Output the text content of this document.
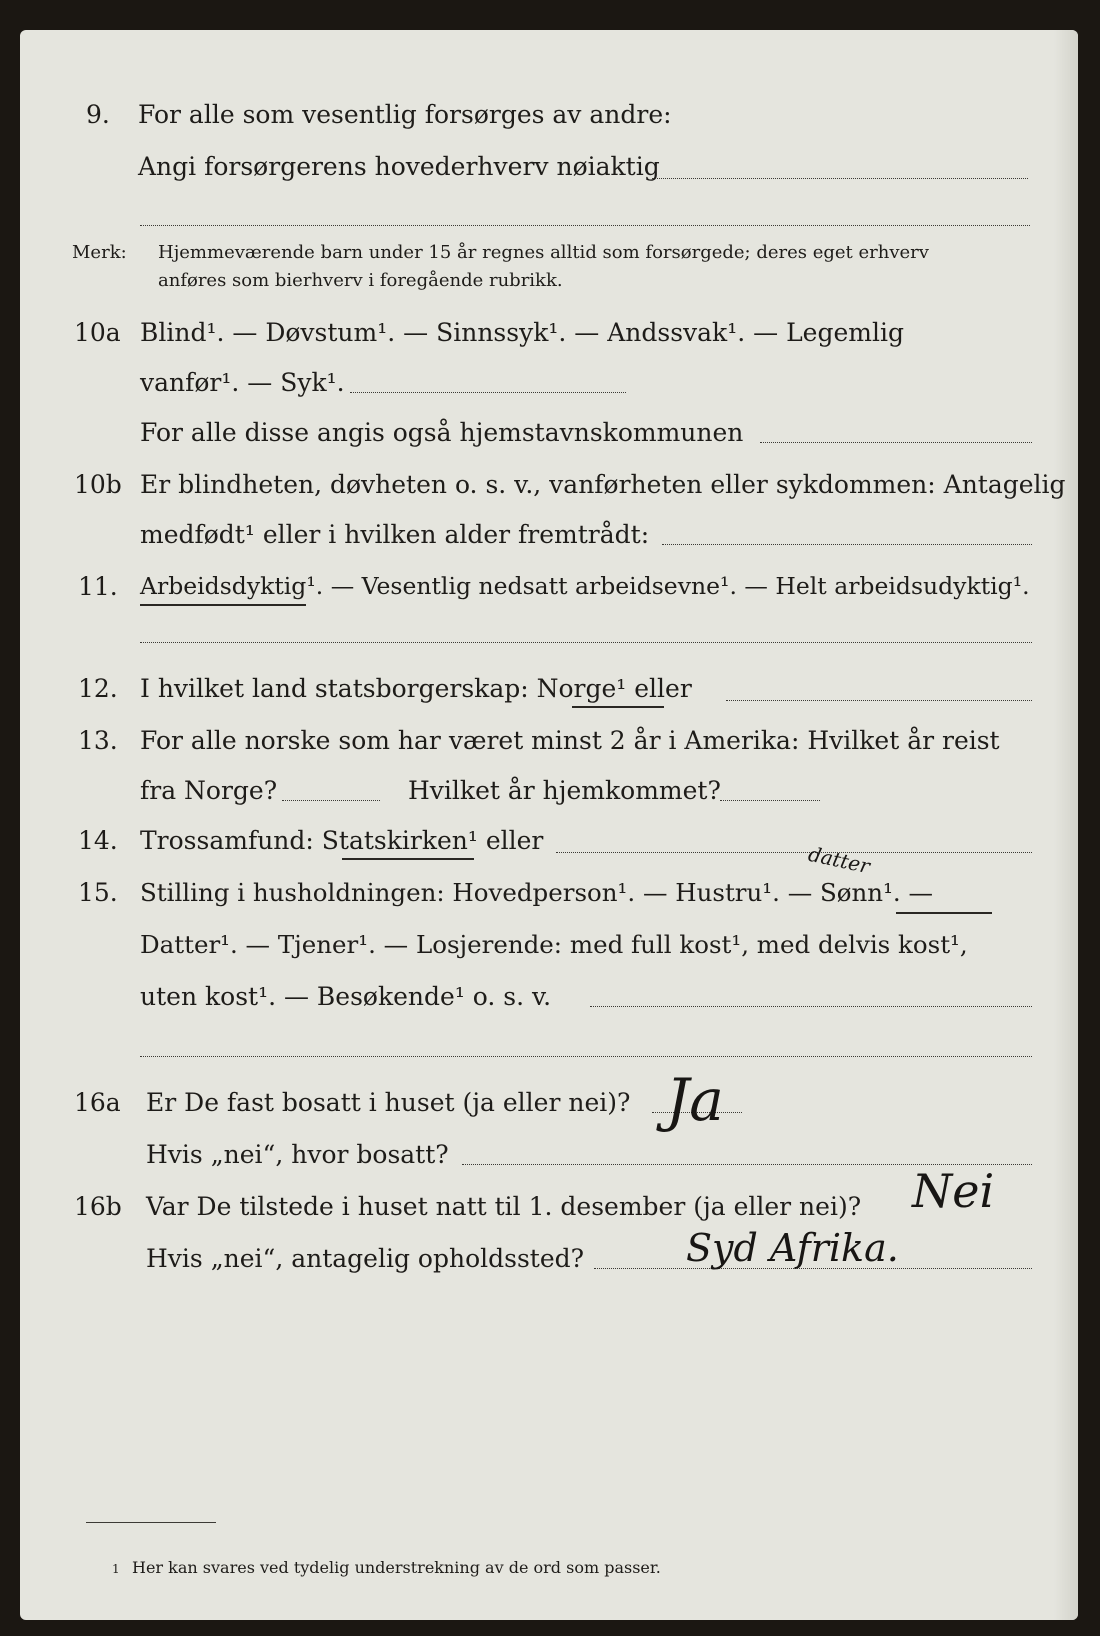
9. For alle som vesentlig forsørges av andre:
Angi forsørgerens hovederhverv nøiaktig
Merk: Hjemmeværende barn under 15 år regnes alltid som forsørgede; deres eget erhverv
anføres som bierhverv i foregående rubrikk.
10a Blind¹. — Døvstum¹. — Sinnssyk¹. — Andssvak¹. — Legemlig
vanfør¹. — Syk¹.
For alle disse angis også hjemstavnskommunen
10b Er blindheten, døvheten o. s. v., vanførheten eller sykdommen: Antagelig
medfødt¹ eller i hvilken alder fremtrådt:
11. Arbeidsdyktig¹. — Vesentlig nedsatt arbeidsevne¹. — Helt arbeidsudyktig¹.
12. I hvilket land statsborgerskap: Norge¹ eller
13. For alle norske som har været minst 2 år i Amerika: Hvilket år reist
fra Norge?	Hvilket år hjemkommet?
14. Trossamfund: Statskirken¹ eller
15. Stilling i husholdningen: Hovedperson¹. — Hustru¹. — Sønn¹. —
datter
Datter¹. — Tjener¹. — Losjerende: med full kost¹, med delvis kost¹,
uten kost¹. — Besøkende¹ o. s. v.
16a Er De fast bosatt i huset (ja eller nei)? Ja
Hvis „nei“, hvor bosatt?
16b Var De tilstede i huset natt til 1. desember (ja eller nei)? Nei
Hvis „nei“, antagelig opholdssted?	Syd Afrika.
1 Her kan svares ved tydelig understrekning av de ord som passer.
